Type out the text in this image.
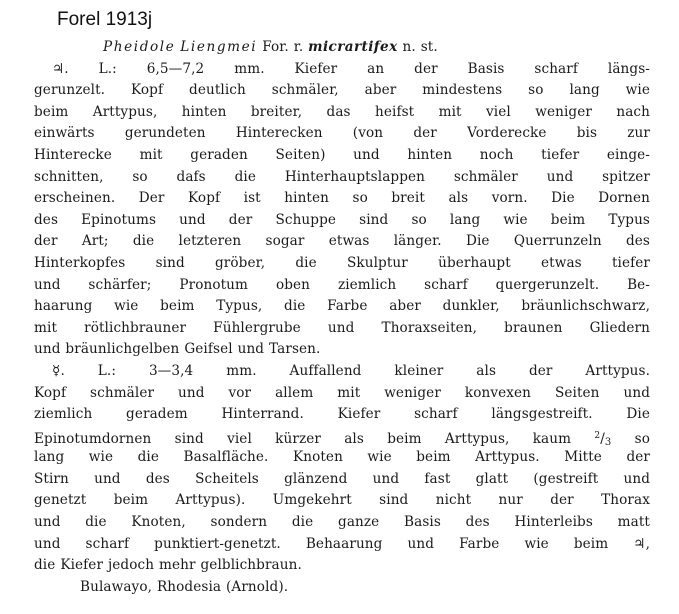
Forel 1913j
Pheidole Liengmei For. r. micrartifex n. st.
♃. L.: 6,5—7,2 mm. Kiefer an der Basis scharf längs-
gerunzelt. Kopf deutlich schmäler, aber mindestens so lang wie
beim Arttypus, hinten breiter, das heifst mit viel weniger nach
einwärts gerundeten Hinterecken (von der Vorderecke bis zur
Hinterecke mit geraden Seiten) und hinten noch tiefer einge-
schnitten, so dafs die Hinterhauptslappen schmäler und spitzer
erscheinen. Der Kopf ist hinten so breit als vorn. Die Dornen
des Epinotums und der Schuppe sind so lang wie beim Typus
der Art; die letzteren sogar etwas länger. Die Querrunzeln des
Hinterkopfes sind gröber, die Skulptur überhaupt etwas tiefer
und schärfer; Pronotum oben ziemlich scharf quergerunzelt. Be-
haarung wie beim Typus, die Farbe aber dunkler, bräunlichschwarz,
mit rötlichbrauner Fühlergrube und Thoraxseiten, braunen Gliedern
und bräunlichgelben Geifsel und Tarsen.
☿. L.: 3—3,4 mm. Auffallend kleiner als der Arttypus.
Kopf schmäler und vor allem mit weniger konvexen Seiten und
ziemlich geradem Hinterrand. Kiefer scharf längsgestreift. Die
Epinotumdornen sind viel kürzer als beim Arttypus, kaum	$^2$/3 so
lang wie die Basalfläche. Knoten wie beim Arttypus. Mitte der
Stirn und des Scheitels glänzend und fast glatt (gestreift und
genetzt beim Arttypus). Umgekehrt sind nicht nur der Thorax
und die Knoten, sondern die ganze Basis des Hinterleibs matt
und scharf punktiert-genetzt. Behaarung und Farbe wie beim ♃,
die Kiefer jedoch mehr gelblichbraun.
Bulawayo, Rhodesia (Arnold).
